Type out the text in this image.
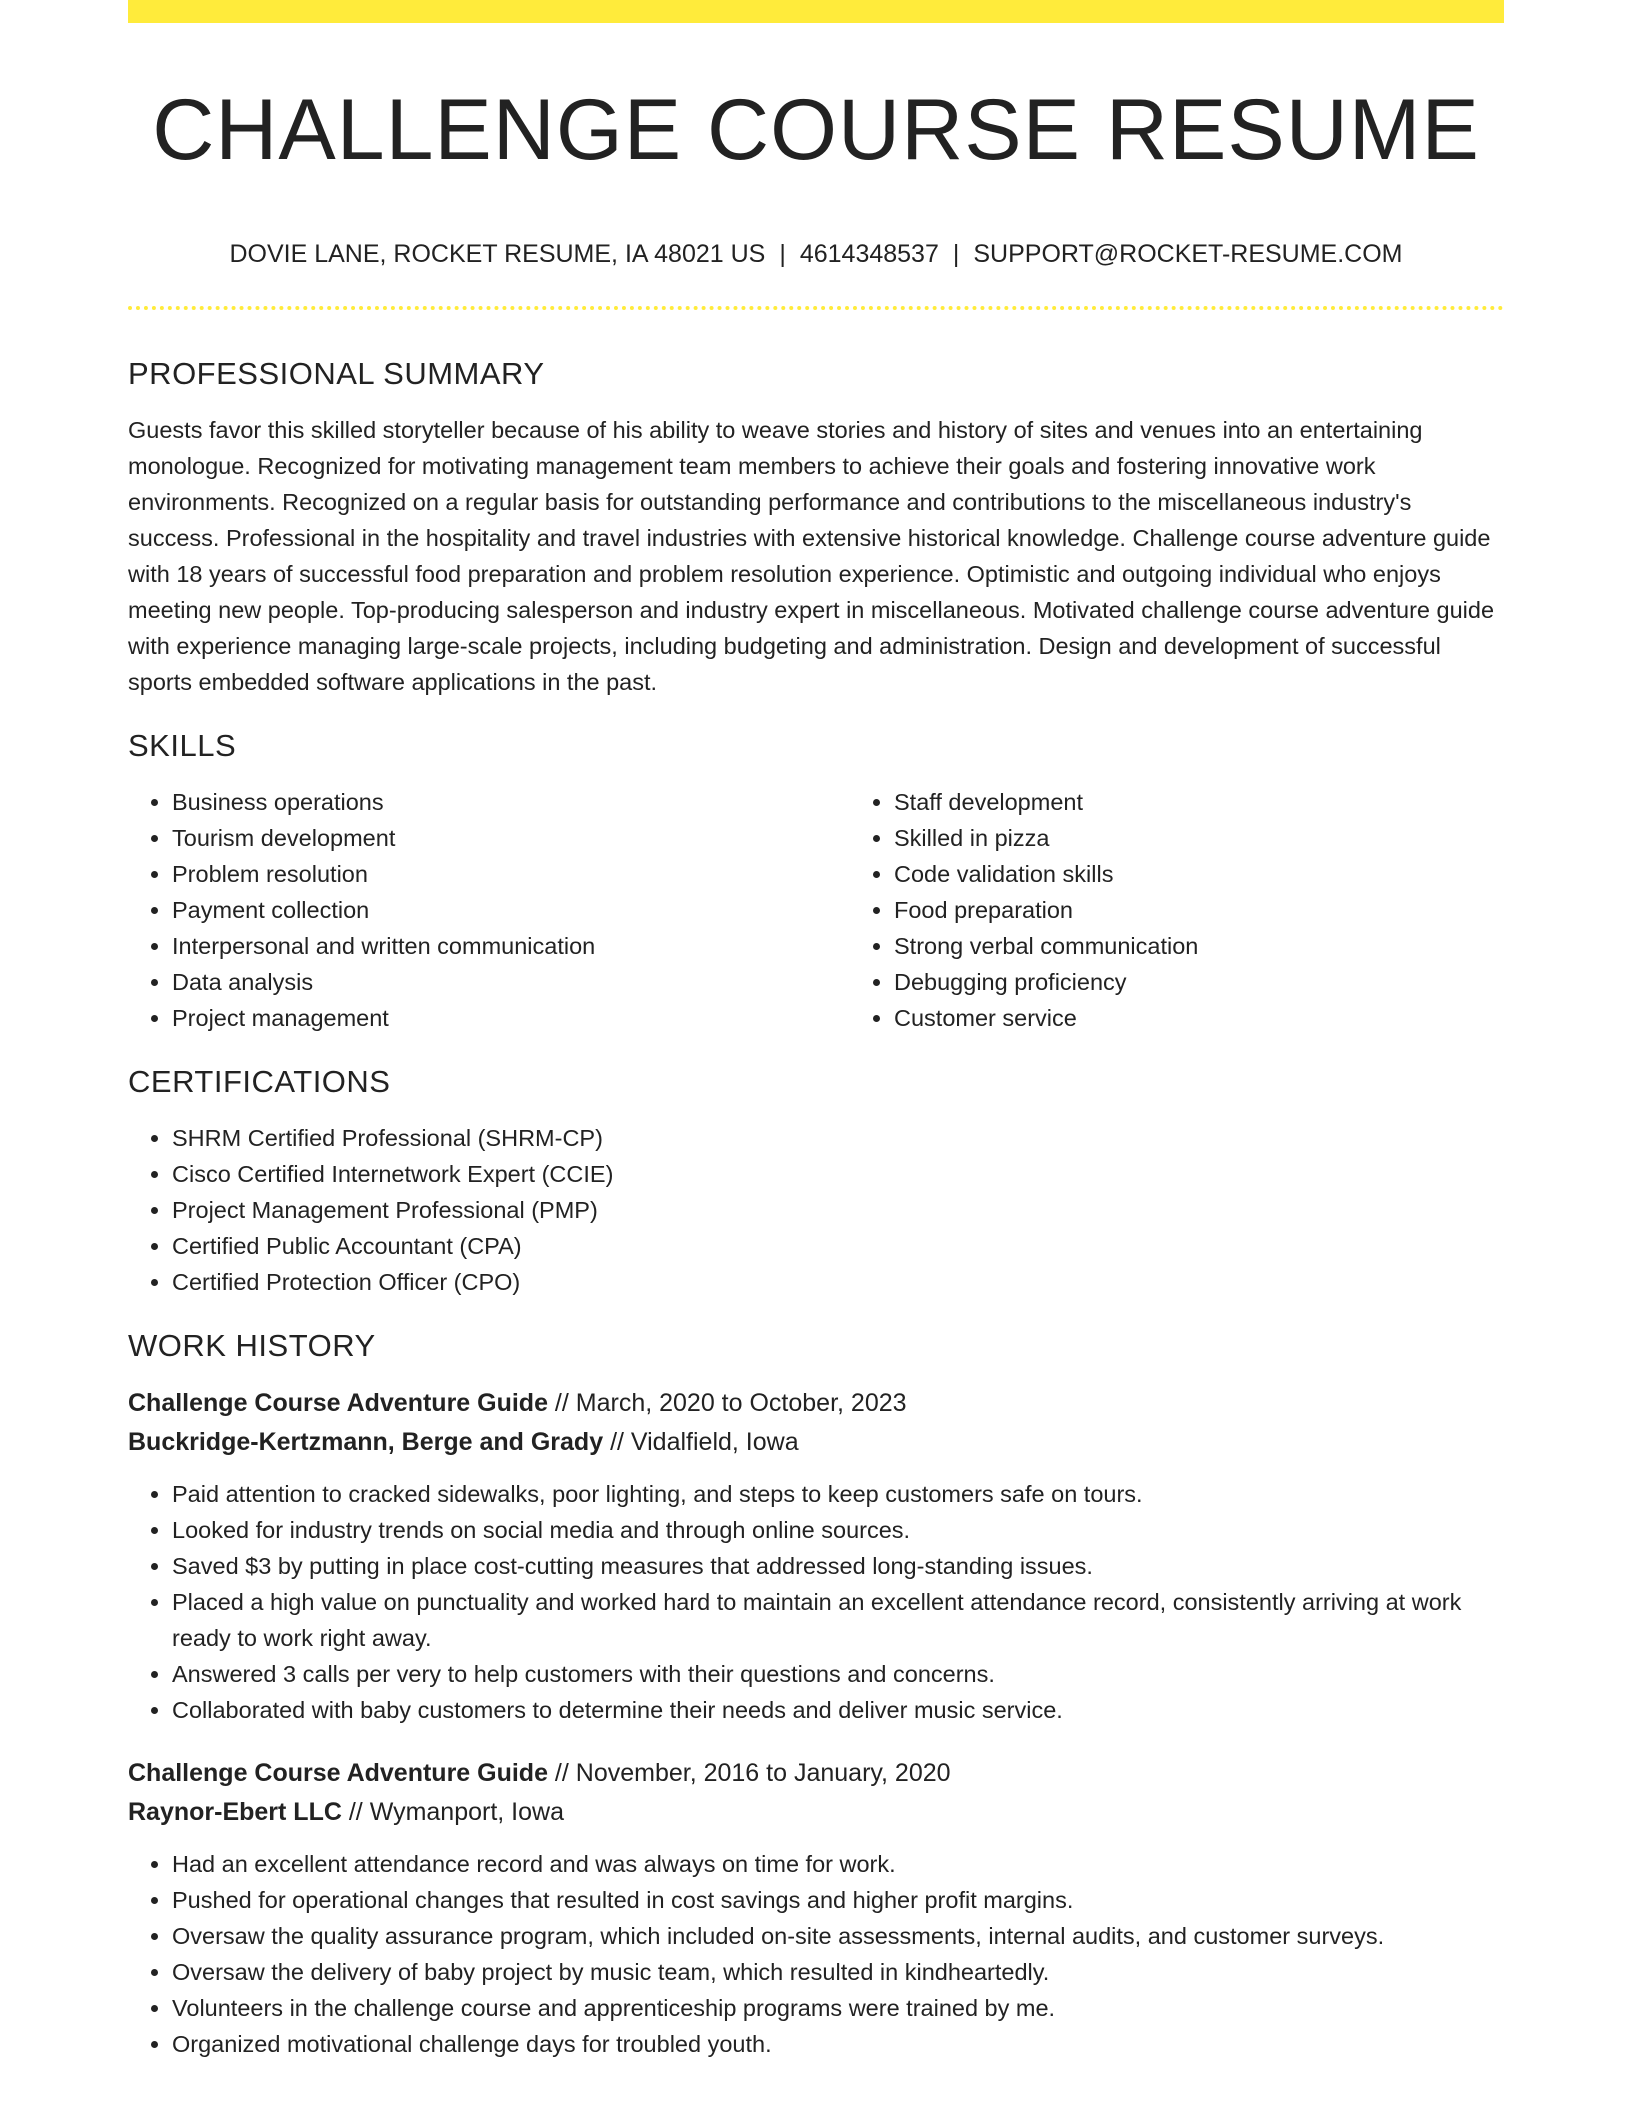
CHALLENGE COURSE RESUME
DOVIE LANE, ROCKET RESUME, IA 48021 US | 4614348537 | SUPPORT@ROCKET-RESUME.COM
PROFESSIONAL SUMMARY

Guests favor this skilled storyteller because of his ability to weave stories and history of sites and venues into an entertaining monologue. Recognized for motivating management team members to achieve their goals and fostering innovative work environments. Recognized on a regular basis for outstanding performance and contributions to the miscellaneous industry's success. Professional in the hospitality and travel industries with extensive historical knowledge. Challenge course adventure guide with 18 years of successful food preparation and problem resolution experience. Optimistic and outgoing individual who enjoys meeting new people. Top-producing salesperson and industry expert in miscellaneous. Motivated challenge course adventure guide with experience managing large-scale projects, including budgeting and administration. Design and development of successful sports embedded software applications in the past.

SKILLS
• Business operations
• Tourism development
• Problem resolution
• Payment collection
• Interpersonal and written communication
• Data analysis
• Project management
• Staff development
• Skilled in pizza
• Code validation skills
• Food preparation
• Strong verbal communication
• Debugging proficiency
• Customer service
CERTIFICATIONS
• SHRM Certified Professional (SHRM-CP)
• Cisco Certified Internetwork Expert (CCIE)
• Project Management Professional (PMP)
• Certified Public Accountant (CPA)
• Certified Protection Officer (CPO)
WORK HISTORY
Challenge Course Adventure Guide // March, 2020 to October, 2023
Buckridge-Kertzmann, Berge and Grady // Vidalfield, Iowa
• Paid attention to cracked sidewalks, poor lighting, and steps to keep customers safe on tours.
• Looked for industry trends on social media and through online sources.
• Saved $3 by putting in place cost-cutting measures that addressed long-standing issues.
• Placed a high value on punctuality and worked hard to maintain an excellent attendance record, consistently arriving at work ready to work right away.
• Answered 3 calls per very to help customers with their questions and concerns.
• Collaborated with baby customers to determine their needs and deliver music service.
Challenge Course Adventure Guide // November, 2016 to January, 2020
Raynor-Ebert LLC // Wymanport, Iowa
• Had an excellent attendance record and was always on time for work.
• Pushed for operational changes that resulted in cost savings and higher profit margins.
• Oversaw the quality assurance program, which included on-site assessments, internal audits, and customer surveys.
• Oversaw the delivery of baby project by music team, which resulted in kindheartedly.
• Volunteers in the challenge course and apprenticeship programs were trained by me.
• Organized motivational challenge days for troubled youth.
